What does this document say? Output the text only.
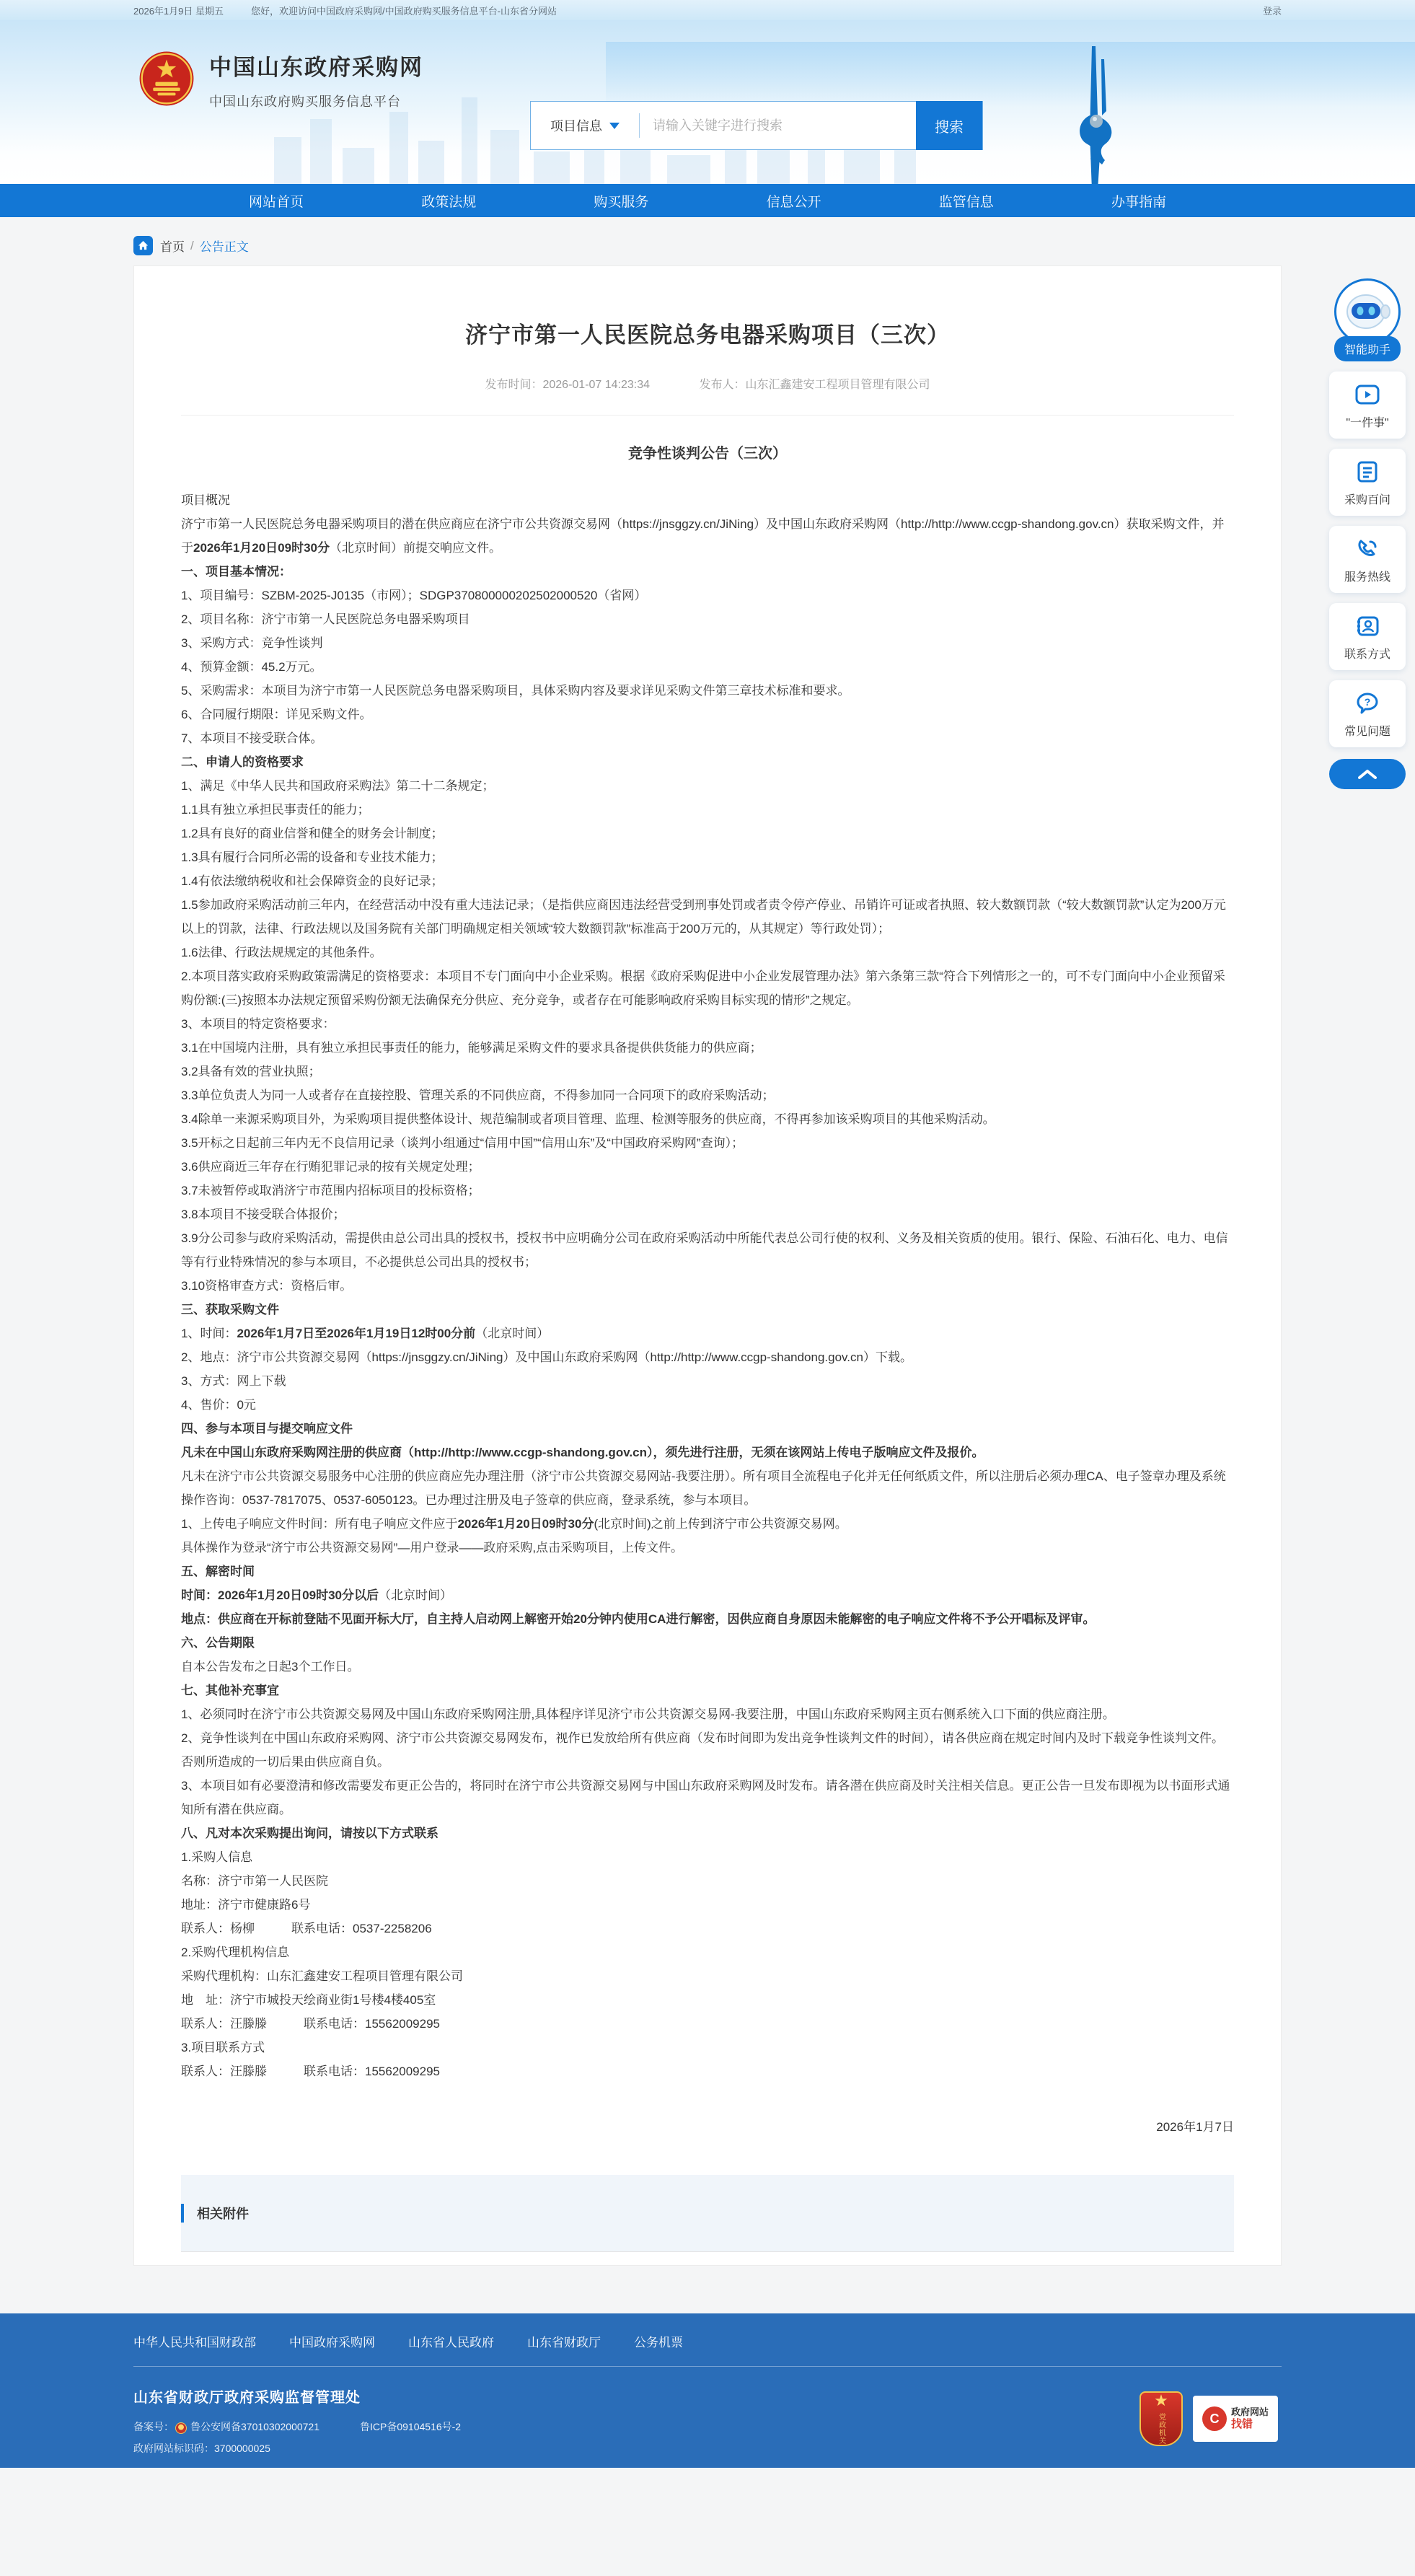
2026年1月9日 星期五	您好，欢迎访问中国政府采购网/中国政府购买服务信息平台-山东省分网站	登录
中国山东政府采购网
中国山东政府购买服务信息平台
项目信息
请输入关键字进行搜索	搜索
网站首页	政策法规	购买服务	信息公开	监管信息	办事指南
首页 / 公告正文
济宁市第一人民医院总务电器采购项目（三次）
发布时间：2026-01-07 14:23:34	发布人：山东汇鑫建安工程项目管理有限公司
竞争性谈判公告（三次）

项目概况

济宁市第一人民医院总务电器采购项目的潜在供应商应在济宁市公共资源交易网（https://jnsggzy.cn/JiNing）及中国山东政府采购网（http://http://www.ccgp-shandong.gov.cn）获取采购文件，并于2026年1月20日09时30分（北京时间）前提交响应文件。

一、项目基本情况：

1、项目编号：SZBM-2025-J0135（市网）；SDGP370800000202502000520（省网）

2、项目名称：济宁市第一人民医院总务电器采购项目

3、采购方式：竞争性谈判

4、预算金额：45.2万元。

5、采购需求：本项目为济宁市第一人民医院总务电器采购项目，具体采购内容及要求详见采购文件第三章技术标准和要求。

6、合同履行期限：详见采购文件。

7、本项目不接受联合体。

二、申请人的资格要求

1、满足《中华人民共和国政府采购法》第二十二条规定；

1.1具有独立承担民事责任的能力；

1.2具有良好的商业信誉和健全的财务会计制度；

1.3具有履行合同所必需的设备和专业技术能力；

1.4有依法缴纳税收和社会保障资金的良好记录；

1.5参加政府采购活动前三年内，在经营活动中没有重大违法记录；（是指供应商因违法经营受到刑事处罚或者责令停产停业、吊销许可证或者执照、较大数额罚款（“较大数额罚款”认定为200万元以上的罚款，法律、行政法规以及国务院有关部门明确规定相关领域“较大数额罚款”标准高于200万元的，从其规定）等行政处罚）；

1.6法律、行政法规规定的其他条件。

2.本项目落实政府采购政策需满足的资格要求：本项目不专门面向中小企业采购。根据《政府采购促进中小企业发展管理办法》第六条第三款“符合下列情形之一的，可不专门面向中小企业预留采购份额:(三)按照本办法规定预留采购份额无法确保充分供应、充分竞争，或者存在可能影响政府采购目标实现的情形”之规定。

3、本项目的特定资格要求：

3.1在中国境内注册，具有独立承担民事责任的能力，能够满足采购文件的要求具备提供供货能力的供应商；

3.2具备有效的营业执照；

3.3单位负责人为同一人或者存在直接控股、管理关系的不同供应商，不得参加同一合同项下的政府采购活动；

3.4除单一来源采购项目外，为采购项目提供整体设计、规范编制或者项目管理、监理、检测等服务的供应商，不得再参加该采购项目的其他采购活动。

3.5开标之日起前三年内无不良信用记录（谈判小组通过“信用中国”“信用山东”及“中国政府采购网”查询）；

3.6供应商近三年存在行贿犯罪记录的按有关规定处理；

3.7未被暂停或取消济宁市范围内招标项目的投标资格；

3.8本项目不接受联合体报价；

3.9分公司参与政府采购活动，需提供由总公司出具的授权书，授权书中应明确分公司在政府采购活动中所能代表总公司行使的权利、义务及相关资质的使用。银行、保险、石油石化、电力、电信等有行业特殊情况的参与本项目，不必提供总公司出具的授权书；

3.10资格审查方式：资格后审。

三、获取采购文件

1、时间：2026年1月7日至2026年1月19日12时00分前（北京时间）

2、地点：济宁市公共资源交易网（https://jnsggzy.cn/JiNing）及中国山东政府采购网（http://http://www.ccgp-shandong.gov.cn）下载。

3、方式：网上下载

4、售价：0元

四、参与本项目与提交响应文件

凡未在中国山东政府采购网注册的供应商（http://http://www.ccgp-shandong.gov.cn），须先进行注册，无须在该网站上传电子版响应文件及报价。

凡未在济宁市公共资源交易服务中心注册的供应商应先办理注册（济宁市公共资源交易网站-我要注册）。所有项目全流程电子化并无任何纸质文件，所以注册后必须办理CA、电子签章办理及系统操作咨询：0537-7817075、0537-6050123。已办理过注册及电子签章的供应商，登录系统，参与本项目。

1、上传电子响应文件时间：所有电子响应文件应于2026年1月20日09时30分(北京时间)之前上传到济宁市公共资源交易网。

具体操作为登录“济宁市公共资源交易网”—用户登录——政府采购,点击采购项目，上传文件。

五、解密时间

时间：2026年1月20日09时30分以后（北京时间）

地点：供应商在开标前登陆不见面开标大厅，自主持人启动网上解密开始20分钟内使用CA进行解密，因供应商自身原因未能解密的电子响应文件将不予公开唱标及评审。

六、公告期限

自本公告发布之日起3个工作日。

七、其他补充事宜

1、必须同时在济宁市公共资源交易网及中国山东政府采购网注册,具体程序详见济宁市公共资源交易网-我要注册，中国山东政府采购网主页右侧系统入口下面的供应商注册。

2、竞争性谈判在中国山东政府采购网、济宁市公共资源交易网发布，视作已发放给所有供应商（发布时间即为发出竞争性谈判文件的时间），请各供应商在规定时间内及时下载竞争性谈判文件。否则所造成的一切后果由供应商自负。

3、本项目如有必要澄清和修改需要发布更正公告的，将同时在济宁市公共资源交易网与中国山东政府采购网及时发布。请各潜在供应商及时关注相关信息。更正公告一旦发布即视为以书面形式通知所有潜在供应商。

八、凡对本次采购提出询问，请按以下方式联系

1.采购人信息

名称：济宁市第一人民医院

地址：济宁市健康路6号

联系人：杨柳　　　联系电话：0537-2258206

2.采购代理机构信息

采购代理机构：山东汇鑫建安工程项目管理有限公司

地　址：济宁市城投天绘商业街1号楼4楼405室

联系人：汪滕滕　　　联系电话：15562009295

3.项目联系方式

联系人：汪滕滕　　　联系电话：15562009295

2026年1月7日
相关附件
中华人民共和国财政部	中国政府采购网	山东省人民政府	山东省财政厅	公务机票
山东省财政厅政府采购监督管理处
备案号： 鲁公安网备37010302000721	鲁ICP备09104516号-2
政府网站标识码：3700000025
★
党政机关	C	政府网站
找错
智能助手
"一件事"
采购百问
服务热线
联系方式
?
常见问题
